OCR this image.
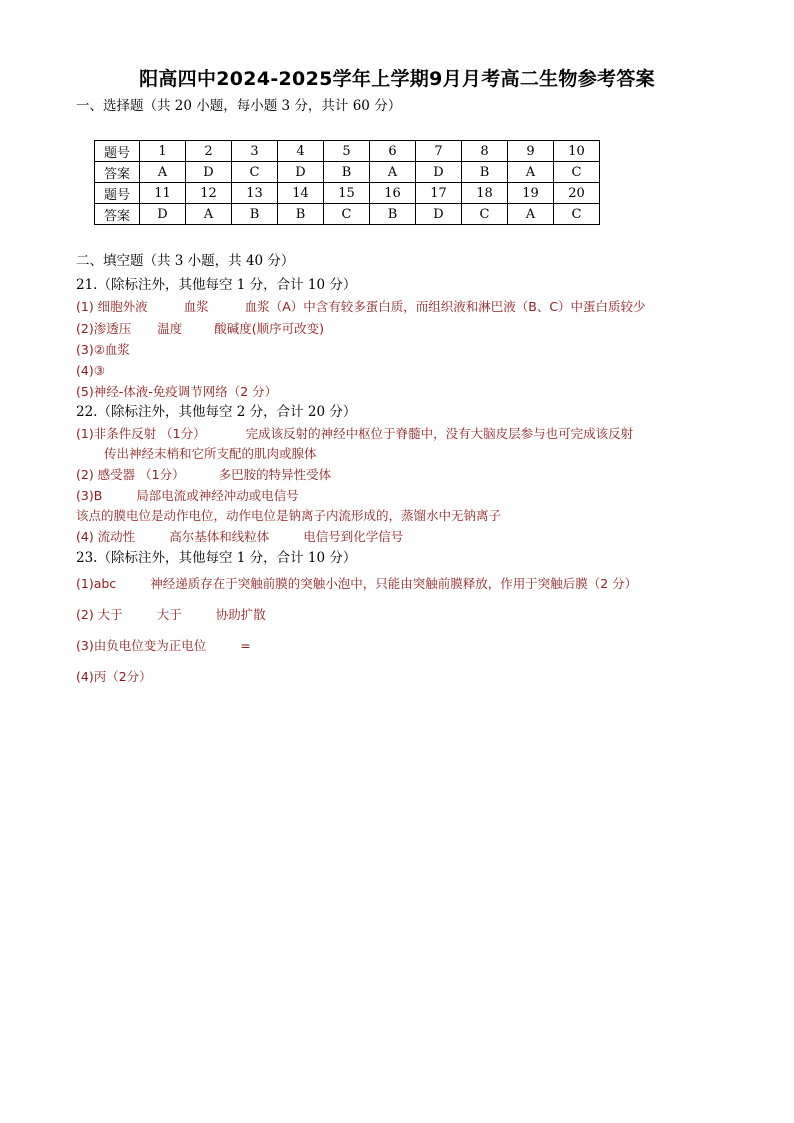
阳高四中2024-2025学年上学期9月月考高二生物参考答案
一、选择题（共 20 小题，每小题 3 分，共计 60 分）
题号	1	2	3	4	5	6	7	8	9	10
答案	A	D	C	D	B	A	D	B	A	C
题号	11	12	13	14	15	16	17	18	19	20
答案	D	A	B	B	C	B	D	C	A	C
二、填空题（共 3 小题，共 40 分）
21.（除标注外，其他每空 1 分，合计 10 分）
(1) 细胞外液	血浆	血浆（A）中含有较多蛋白质，而组织液和淋巴液（B、C）中蛋白质较少
(2)渗透压 温度	酸碱度(顺序可改变)
(3)②血浆
(4)③
(5)神经-体液-免疫调节网络（2 分）
22.（除标注外，其他每空 2 分，合计 20 分）
(1)非条件反射 （1分）	完成该反射的神经中枢位于脊髓中，没有大脑皮层参与也可完成该反射
传出神经末梢和它所支配的肌肉或腺体
(2) 感受器 （1分）	多巴胺的特异性受体
(3)B	局部电流或神经冲动或电信号
该点的膜电位是动作电位，动作电位是钠离子内流形成的，蒸馏水中无钠离子
(4) 流动性	高尔基体和线粒体	电信号到化学信号
23.（除标注外，其他每空 1 分，合计 10 分）
(1)abc	神经递质存在于突触前膜的突触小泡中，只能由突触前膜释放，作用于突触后膜（2 分）
(2) 大于	大于	协助扩散
(3)由负电位变为正电位	=
(4)丙（2分）
